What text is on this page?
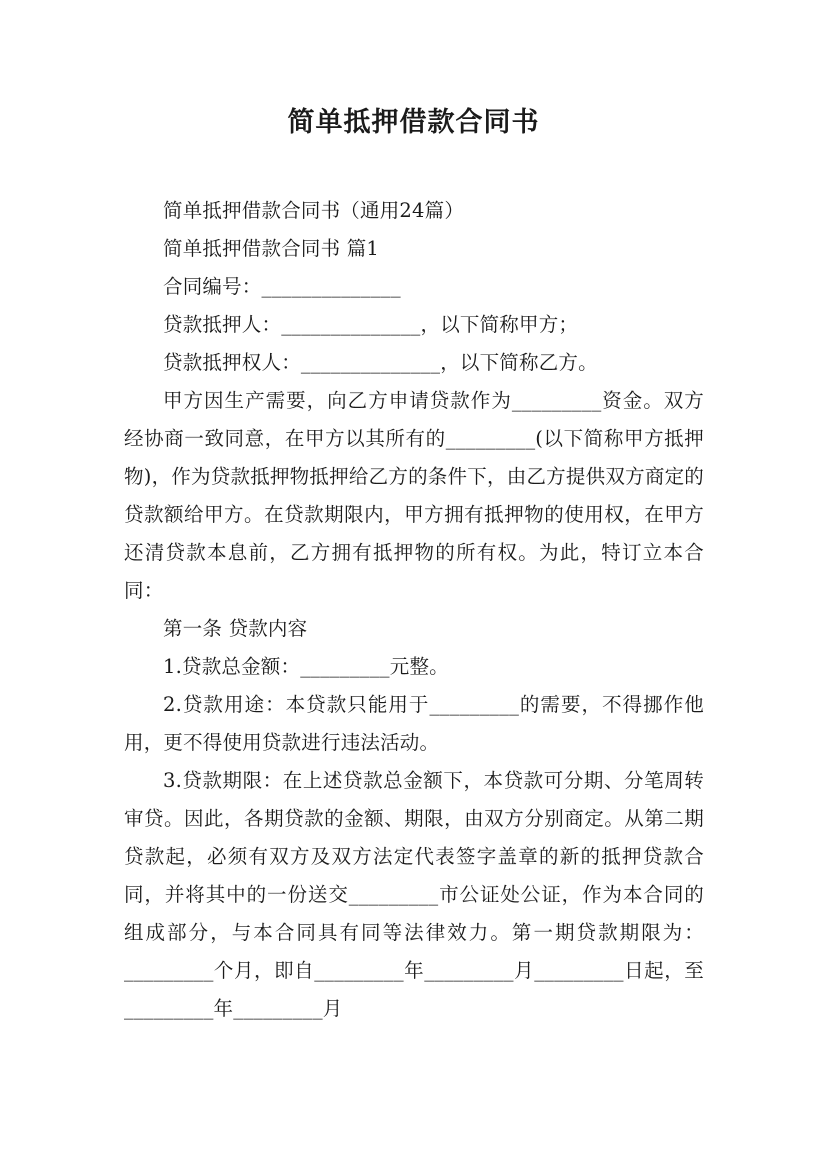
简单抵押借款合同书

简单抵押借款合同书（通用24篇）

简单抵押借款合同书 篇1

合同编号：______________

贷款抵押人：______________，以下简称甲方；

贷款抵押权人：______________，以下简称乙方。

甲方因生产需要，向乙方申请贷款作为_________资金。双方经协商一致同意，在甲方以其所有的_________(以下简称甲方抵押物)，作为贷款抵押物抵押给乙方的条件下，由乙方提供双方商定的贷款额给甲方。在贷款期限内，甲方拥有抵押物的使用权，在甲方还清贷款本息前，乙方拥有抵押物的所有权。为此，特订立本合同：

第一条 贷款内容

1.贷款总金额：_________元整。

2.贷款用途：本贷款只能用于_________的需要，不得挪作他用，更不得使用贷款进行违法活动。

3.贷款期限：在上述贷款总金额下，本贷款可分期、分笔周转审贷。因此，各期贷款的金额、期限，由双方分别商定。从第二期贷款起，必须有双方及双方法定代表签字盖章的新的抵押贷款合同，并将其中的一份送交_________市公证处公证，作为本合同的组成部分，与本合同具有同等法律效力。第一期贷款期限为：_________个月，即自_________年_________月_________日起，至_________年_________月
